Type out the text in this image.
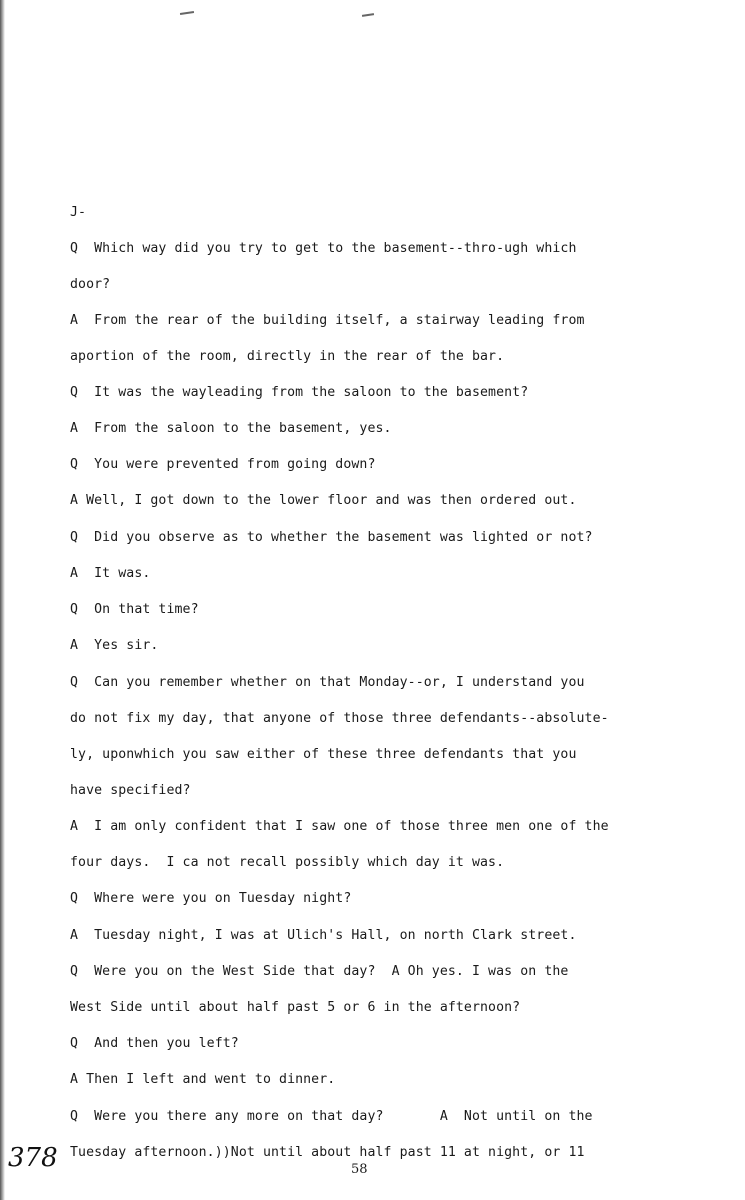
J-
Q  Which way did you try to get to the basement--thro-ugh which
door?
A  From the rear of the building itself, a stairway leading from
aportion of the room, directly in the rear of the bar.
Q  It was the wayleading from the saloon to the basement?
A  From the saloon to the basement, yes.
Q  You were prevented from going down?
A Well, I got down to the lower floor and was then ordered out.
Q  Did you observe as to whether the basement was lighted or not?
A  It was.
Q  On that time?
A  Yes sir.
Q  Can you remember whether on that Monday--or, I understand you
do not fix my day, that anyone of those three defendants--absolute-
ly, uponwhich you saw either of these three defendants that you
have specified?
A  I am only confident that I saw one of those three men one of the
four days.  I ca not recall possibly which day it was.
Q  Where were you on Tuesday night?
A  Tuesday night, I was at Ulich's Hall, on north Clark street.
Q  Were you on the West Side that day?  A Oh yes. I was on the
West Side until about half past 5 or 6 in the afternoon?
Q  And then you left?
A Then I left and went to dinner.
Q  Were you there any more on that day?       A  Not until on the
Tuesday afternoon.))Not until about half past 11 at night, or 11
378	58
